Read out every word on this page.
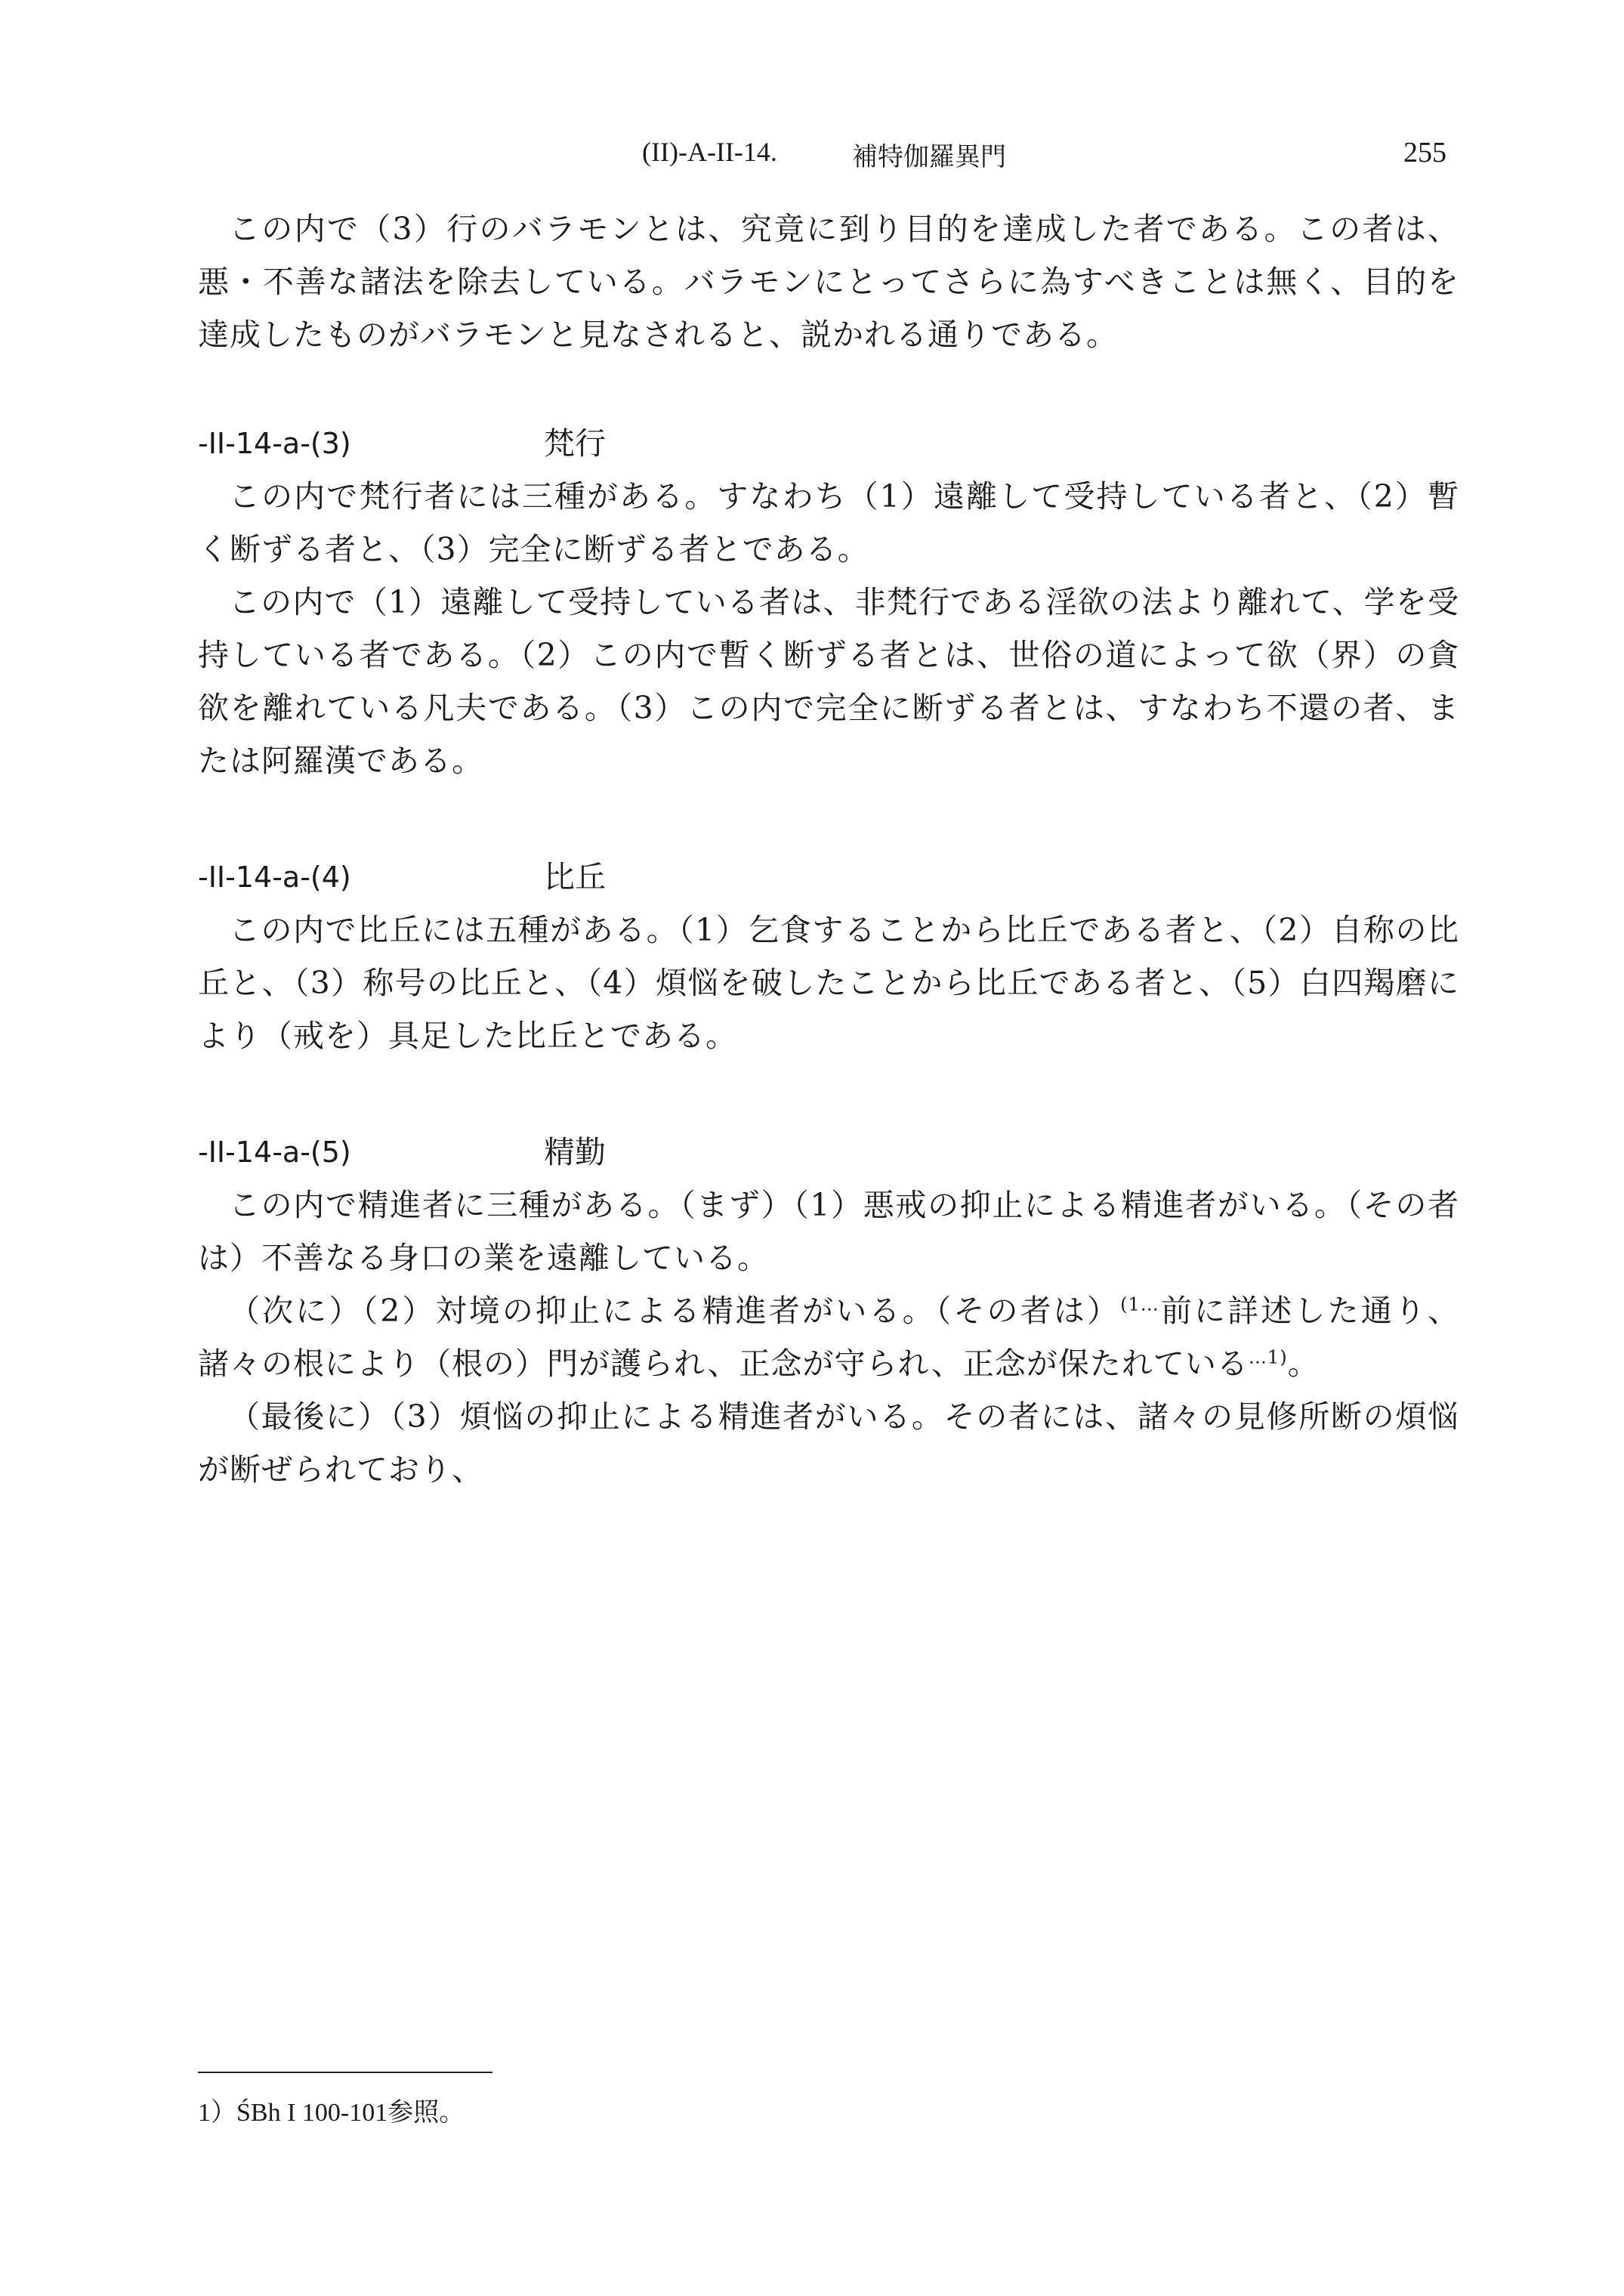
(II)-A-II-14.	補特伽羅異門	255

この内で（3）行のバラモンとは、究竟に到り目的を達成した者である。この者は、悪・不善な諸法を除去している。バラモンにとってさらに為すべきことは無く、目的を達成したものがバラモンと見なされると、説かれる通りである。

-II-14-a-(3)	梵行

この内で梵行者には三種がある。すなわち（1）遠離して受持している者と、（2）暫く断ずる者と、（3）完全に断ずる者とである。

この内で（1）遠離して受持している者は、非梵行である淫欲の法より離れて、学を受持している者である。（2）この内で暫く断ずる者とは、世俗の道によって欲（界）の貪欲を離れている凡夫である。（3）この内で完全に断ずる者とは、すなわち不還の者、または阿羅漢である。

-II-14-a-(4)	比丘

この内で比丘には五種がある。（1）乞食することから比丘である者と、（2）自称の比丘と、（3）称号の比丘と、（4）煩悩を破したことから比丘である者と、（5）白四羯磨により（戒を）具足した比丘とである。

-II-14-a-(5)	精勤

この内で精進者に三種がある。（まず）（1）悪戒の抑止による精進者がいる。（その者は）不善なる身口の業を遠離している。

（次に）（2）対境の抑止による精進者がいる。（その者は）$^{(1\dots}$前に詳述した通り、諸々の根により（根の）門が護られ、正念が守られ、正念が保たれている$^{\dots 1)}$。

（最後に）（3）煩悩の抑止による精進者がいる。その者には、諸々の見修所断の煩悩が断ぜられており、

1）ŚBh I 100-101参照。
